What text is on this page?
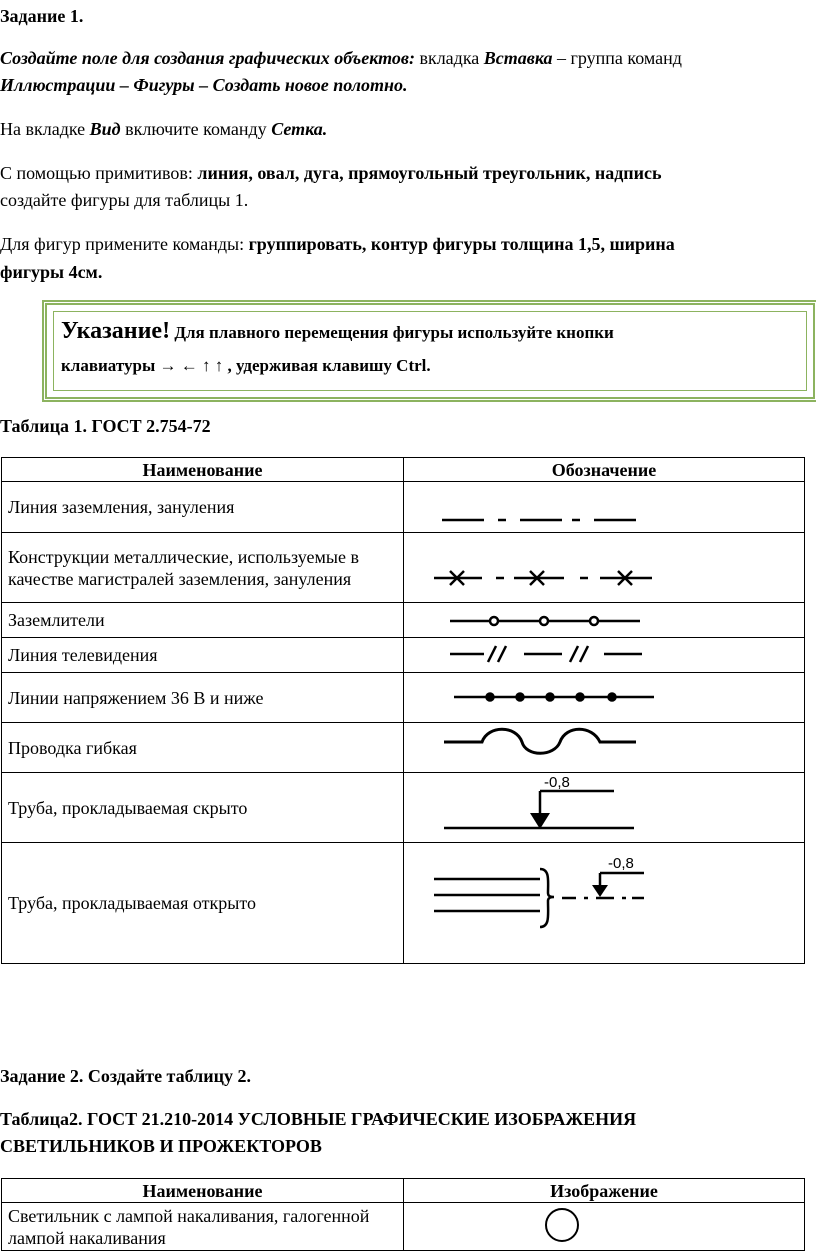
Задание 1.

Создайте поле для создания графических объектов: вкладка Вставка – группа команд

Иллюстрации – Фигуры – Создать новое полотно.

На вкладке Вид включите команду Сетка.

С помощью примитивов: линия, овал, дуга, прямоугольный треугольник, надпись

создайте фигуры для таблицы 1.

Для фигур примените команды: группировать, контур фигуры толщина 1,5, ширина

фигуры 4см.

Указание! Для плавного перемещения фигуры используйте кнопки
клавиатуры → ← ↑ ↑ , удерживая клавишу Ctrl.

Таблица 1. ГОСТ 2.754-72

Наименование	Обозначение
Линия заземления, зануления	

Конструкции металлические, используемые в качестве магистралей заземления, зануления	

Заземлители	

Линия телевидения	

Линии напряжением 36 В и ниже	

Проводка гибкая	

Труба, прокладываемая скрыто	-0,8

Труба, прокладываемая открыто	-0,8

Задание 2. Создайте таблицу 2.

Таблица2. ГОСТ 21.210-2014 УСЛОВНЫЕ ГРАФИЧЕСКИЕ ИЗОБРАЖЕНИЯ

СВЕТИЛЬНИКОВ И ПРОЖЕКТОРОВ

Наименование	Изображение
Светильник с лампой накаливания, галогенной лампой накаливания	
